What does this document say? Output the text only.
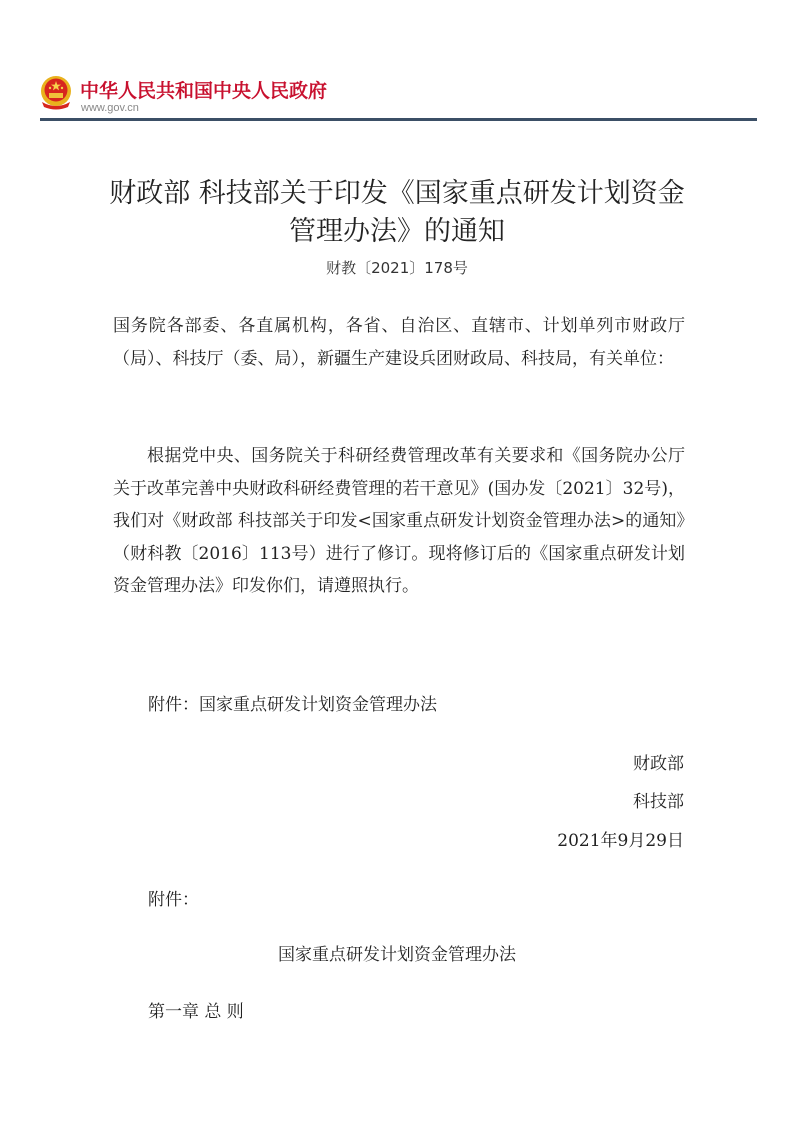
中华人民共和国中央人民政府
www.gov.cn
财政部 科技部关于印发《国家重点研发计划资金管理办法》的通知
财教〔2021〕178号
国务院各部委、各直属机构，各省、自治区、直辖市、计划单列市财政厅（局）、科技厅（委、局），新疆生产建设兵团财政局、科技局，有关单位：
根据党中央、国务院关于科研经费管理改革有关要求和《国务院办公厅关于改革完善中央财政科研经费管理的若干意见》(国办发〔2021〕32号)，我们对《财政部 科技部关于印发<国家重点研发计划资金管理办法>的通知》（财科教〔2016〕113号）进行了修订。现将修订后的《国家重点研发计划资金管理办法》印发你们，请遵照执行。
附件：国家重点研发计划资金管理办法
财政部
科技部
2021年9月29日
附件：
国家重点研发计划资金管理办法
第一章 总 则
